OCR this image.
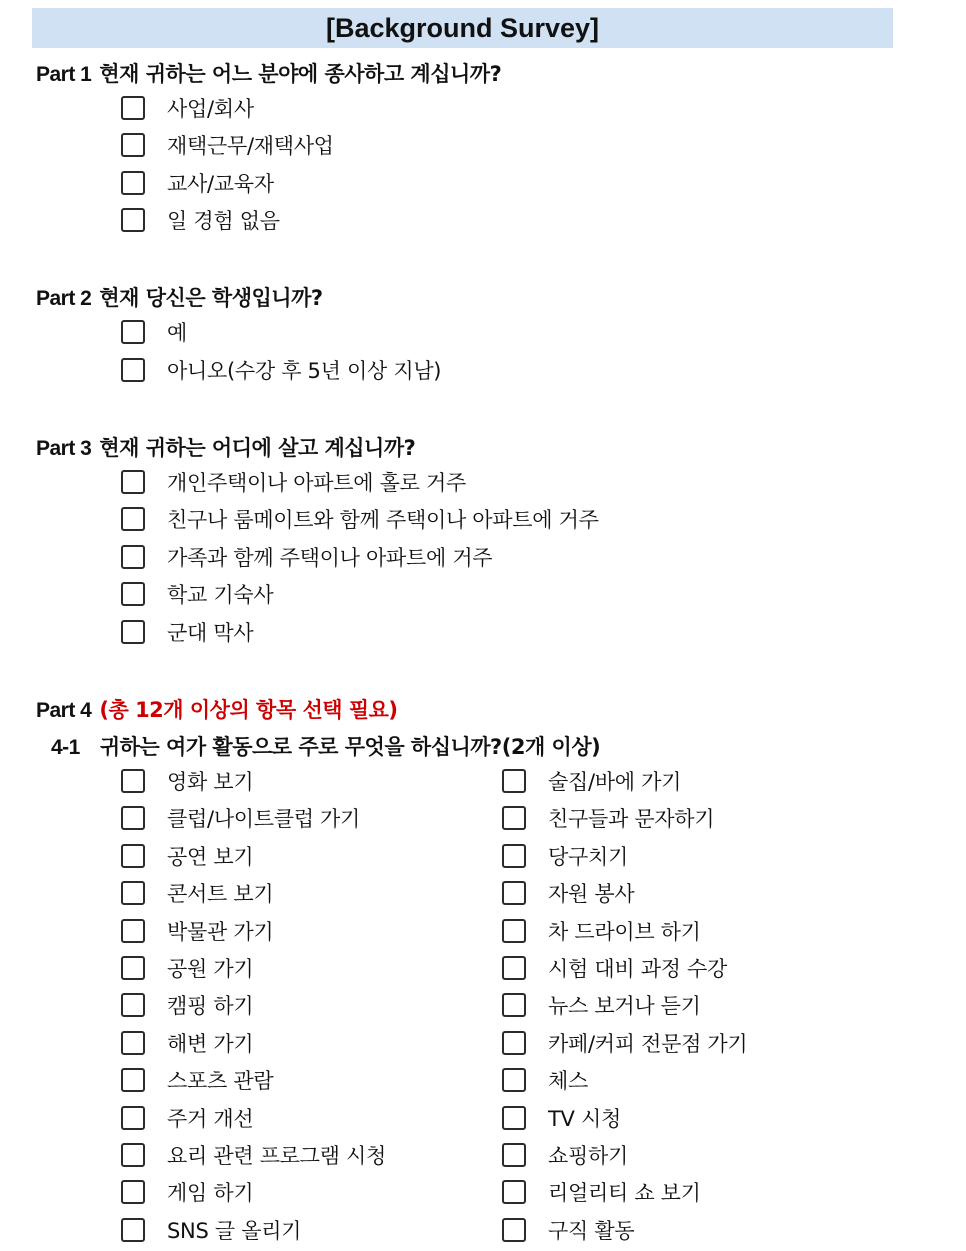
[Background Survey]
Part 1 현재 귀하는 어느 분야에 종사하고 계십니까?
사업/회사
재택근무/재택사업
교사/교육자
일 경험 없음
Part 2 현재 당신은 학생입니까?
예
아니오(수강 후 5년 이상 지남)
Part 3 현재 귀하는 어디에 살고 계십니까?
개인주택이나 아파트에 홀로 거주
친구나 룸메이트와 함께 주택이나 아파트에 거주
가족과 함께 주택이나 아파트에 거주
학교 기숙사
군대 막사
Part 4 (총 12개 이상의 항목 선택 필요)
4-1 귀하는 여가 활동으로 주로 무엇을 하십니까?(2개 이상)
영화 보기
클럽/나이트클럽 가기
공연 보기
콘서트 보기
박물관 가기
공원 가기
캠핑 하기
해변 가기
스포츠 관람
주거 개선
요리 관련 프로그램 시청
게임 하기
SNS 글 올리기
술집/바에 가기
친구들과 문자하기
당구치기
자원 봉사
차 드라이브 하기
시험 대비 과정 수강
뉴스 보거나 듣기
카페/커피 전문점 가기
체스
TV 시청
쇼핑하기
리얼리티 쇼 보기
구직 활동
